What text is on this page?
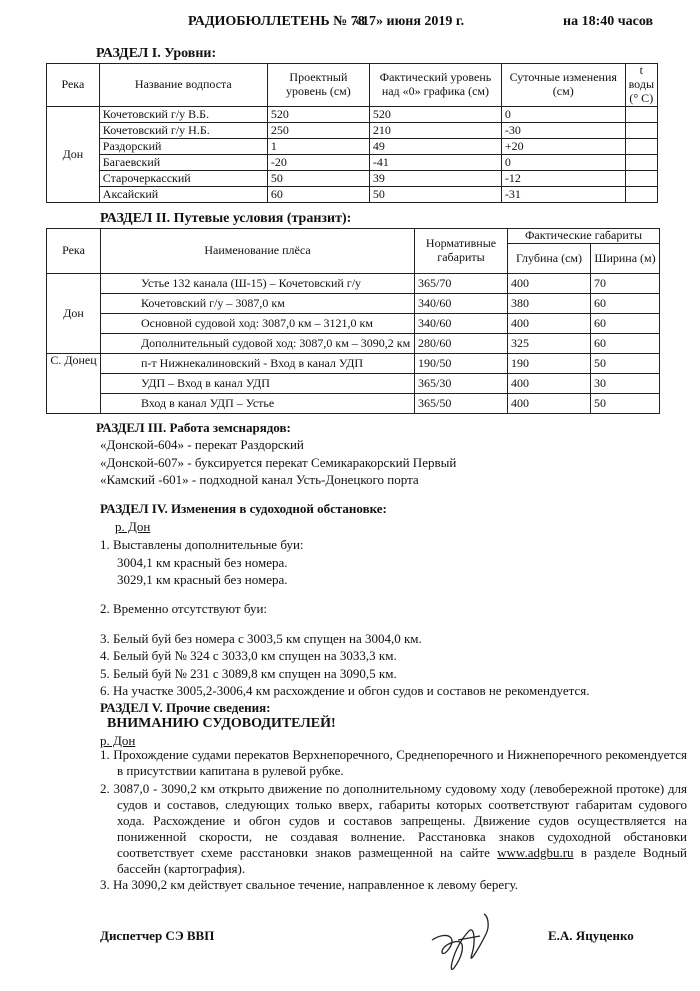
РАДИОБЮЛЛЕТЕНЬ № 78
«17» июня 2019 г.	на 18:40 часов
РАЗДЕЛ I. Уровни:
Река	Название водпоста	Проектный уровень (см)	Фактический уровень над «0» графика (см)	Суточные изменения (см)	t воды (° C)
Дон	Кочетовский г/у В.Б.	520	520	0	
	Кочетовский г/у Н.Б.	250	210	-30	
	Раздорский	1	49	+20	
	Багаевский	-20	-41	0	
	Старочеркасский	50	39	-12	
	Аксайский	60	50	-31	
РАЗДЕЛ II. Путевые условия (транзит):
Река	Наименование плёса	Нормативные габариты	Фактические габариты	
			Глубина (см)	Ширина (м)
Дон	Устье 132 канала (Ш-15) – Кочетовский г/у	365/70	400	70
	Кочетовский г/у – 3087,0 км	340/60	380	60
	Основной судовой ход: 3087,0 км – 3121,0 км	340/60	400	60
	Дополнительный судовой ход: 3087,0 км – 3090,2 км	280/60	325	60
С. Донец	п-т Нижнекалиновский - Вход в канал УДП	190/50	190	50
	УДП – Вход в канал УДП	365/30	400	30
	Вход в канал УДП – Устье	365/50	400	50
РАЗДЕЛ III. Работа земснарядов:
«Донской-604» - перекат Раздорский
«Донской-607» - буксируется перекат Семикаракорский Первый
«Камский -601» - подходной канал Усть-Донецкого порта
РАЗДЕЛ IV. Изменения в судоходной обстановке:
р. Дон
1. Выставлены дополнительные буи:
3004,1 км красный без номера.
3029,1 км красный без номера.
2. Временно отсутствуют буи:
3. Белый буй без номера с 3003,5 км спущен на 3004,0 км.
4. Белый буй № 324 с 3033,0 км спущен на 3033,3 км.
5. Белый буй № 231 с 3089,8 км спущен на 3090,5 км.
6. На участке 3005,2-3006,4 км расхождение и обгон судов и составов не рекомендуется.
РАЗДЕЛ V. Прочие сведения:
ВНИМАНИЮ СУДОВОДИТЕЛЕЙ!
р. Дон
1. Прохождение судами перекатов Верхнепоречного, Среднепоречного и Нижнепоречного рекомендуется в присутствии капитана в рулевой рубке.
2. 3087,0 - 3090,2 км открыто движение по дополнительному судовому ходу (левобережной протоке) для судов и составов, следующих только вверх, габариты которых соответствуют габаритам судового хода. Расхождение и обгон судов и составов запрещены. Движение судов осуществляется на пониженной скорости, не создавая волнение. Расстановка знаков судоходной обстановки соответствует схеме расстановки знаков размещенной на сайте www.adgbu.ru в разделе Водный бассейн (картография).
3. На 3090,2 км действует свальное течение, направленное к левому берегу.
Диспетчер СЭ ВВП	Е.А. Яцуценко
